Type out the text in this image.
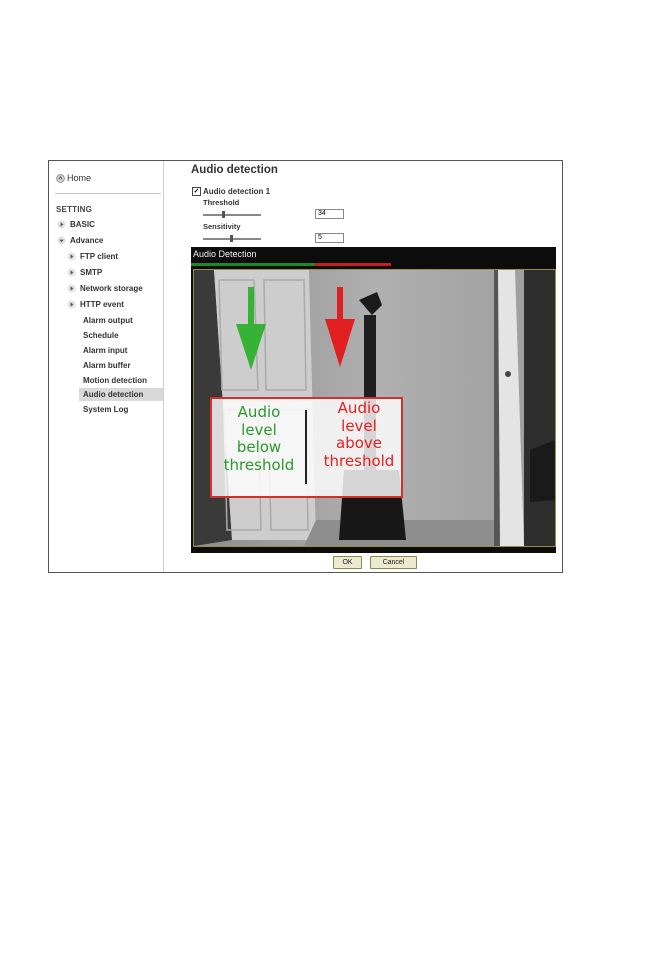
Home
SETTING
BASIC
Advance
FTP client
SMTP
Network storage
HTTP event
Alarm output
Schedule
Alarm input
Alarm buffer
Motion detection
Audio detection
System Log
Audio detection
✓ Audio detection 1
Threshold
34
Sensitivity
5
Audio Detection
Audio
level
below
threshold
Audio
level
above
threshold
OK	Cancel
